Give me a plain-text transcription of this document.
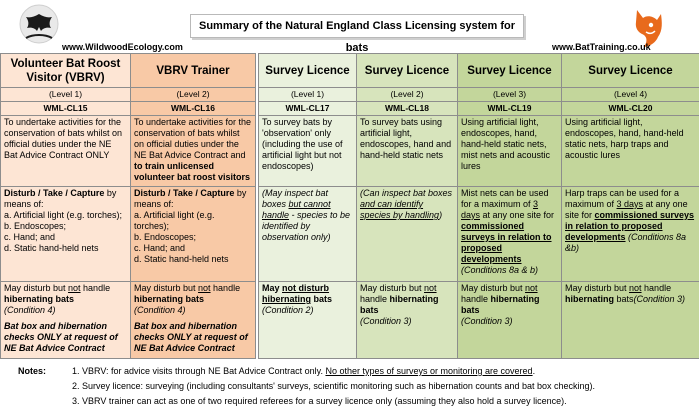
Summary of the Natural England Class Licensing system for bats
www.WildwoodEcology.com	www.BatTraining.co.uk
Volunteer Bat Roost Visitor (VBRV)	VBRV Trainer		Survey Licence	Survey Licence	Survey Licence	Survey Licence
(Level 1)	(Level 2)		(Level 1)	(Level 2)	(Level 3)	(Level 4)
WML-CL15	WML-CL16		WML-CL17	WML-CL18	WML-CL19	WML-CL20
To undertake activities for the conservation of bats whilst on official duties under the NE Bat Advice Contract ONLY	To undertake activities for the conservation of bats whilst on official duties under the NE Bat Advice Contract and to train unlicensed volunteer bat roost visitors		To survey bats by 'observation' only (including the use of artificial light but not endoscopes)	To survey bats using artificial light, endoscopes, hand and hand-held static nets	Using artificial light, endoscopes, hand, hand-held static nets, mist nets and acoustic lures	Using artificial light, endoscopes, hand, hand-held static nets, harp traps and acoustic lures
Disturb / Take / Capture by means of:
a. Artificial light (e.g. torches);
b. Endoscopes;
c. Hand; and
d. Static hand-held nets	Disturb / Take / Capture by means of:
a. Artificial light (e.g. torches);
b. Endoscopes;
c. Hand; and
d. Static hand-held nets		(May inspect bat boxes but cannot handle - species to be identified by observation only)	(Can inspect bat boxes and can identify species by handling)	Mist nets can be used for a maximum of 3 days at any one site for commissioned surveys in relation to proposed developments (Conditions 8a & b)	Harp traps can be used for a maximum of 3 days at any one site for commissioned surveys in relation to proposed developments (Conditions 8a &b)
May disturb but not handle hibernating bats
(Condition 4)
Bat box and hibernation checks ONLY at request of NE Bat Advice Contract	May disturb but not handle hibernating bats
(Condition 4)
Bat box and hibernation checks ONLY at request of NE Bat Advice Contract		May not disturb hibernating bats
(Condition 2)	May disturb but not handle hibernating bats
(Condition 3)	May disturb but not handle hibernating bats
(Condition 3)	May disturb but not handle hibernating bats(Condition 3)
Notes:	1. VBRV: for advice visits through NE Bat Advice Contract only. No other types of surveys or monitoring are covered.
2. Survey licence: surveying (including consultants' surveys, scientific monitoring such as hibernation counts and bat box checking).
3. VBRV trainer can act as one of two required referees for a survey licence only (assuming they also hold a survey licence).
